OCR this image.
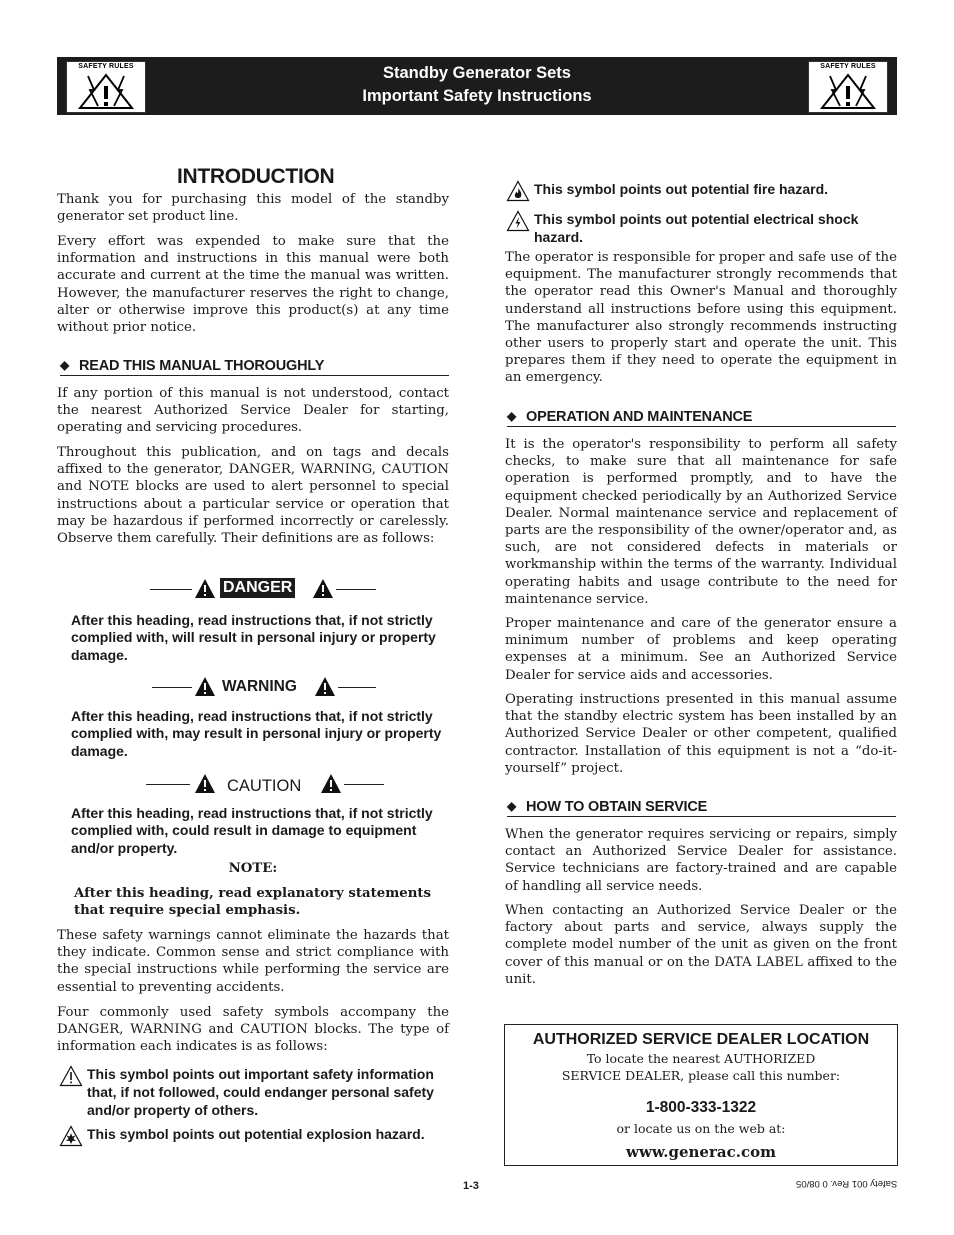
SAFETY RULES	Standby Generator Sets
Important Safety Instructions
SAFETY RULES
INTRODUCTION

Thank you for purchasing this model of the standby generator set product line.

Every effort was expended to make sure that the information and instructions in this manual were both accurate and current at the time the manual was written. However, the manufacturer reserves the right to change, alter or otherwise improve this product(s) at any time without prior notice.

◆ READ THIS MANUAL THOROUGHLY

If any portion of this manual is not understood, contact the nearest Authorized Service Dealer for starting, operating and servicing procedures.

Throughout this publication, and on tags and decals affixed to the generator, DANGER, WARNING, CAUTION and NOTE blocks are used to alert personnel to special instructions about a particular service or operation that may be hazardous if performed incorrectly or carelessly. Observe them carefully. Their definitions are as follows:

DANGER

After this heading, read instructions that, if not strictly complied with, will result in personal injury or property damage.

WARNING

After this heading, read instructions that, if not strictly complied with, may result in personal injury or property damage.

CAUTION

After this heading, read instructions that, if not strictly complied with, could result in damage to equipment and/or property.

NOTE:

After this heading, read explanatory statements that require special emphasis.

These safety warnings cannot eliminate the hazards that they indicate. Common sense and strict compliance with the special instructions while performing the service are essential to preventing accidents.

Four commonly used safety symbols accompany the DANGER, WARNING and CAUTION blocks. The type of information each indicates is as follows:

This symbol points out important safety information that, if not followed, could endanger personal safety and/or property of others.

This symbol points out potential explosion hazard.

This symbol points out potential fire hazard.

This symbol points out potential electrical shock hazard.

The operator is responsible for proper and safe use of the equipment. The manufacturer strongly recommends that the operator read this Owner's Manual and thoroughly understand all instructions before using this equipment. The manufacturer also strongly recommends instructing other users to properly start and operate the unit. This prepares them if they need to operate the equipment in an emergency.

◆ OPERATION AND MAINTENANCE

It is the operator's responsibility to perform all safety checks, to make sure that all maintenance for safe operation is performed promptly, and to have the equipment checked periodically by an Authorized Service Dealer. Normal maintenance service and replacement of parts are the responsibility of the owner/operator and, as such, are not considered defects in materials or workmanship within the terms of the warranty. Individual operating habits and usage contribute to the need for maintenance service.

Proper maintenance and care of the generator ensure a minimum number of problems and keep operating expenses at a minimum. See an Authorized Service Dealer for service aids and accessories.

Operating instructions presented in this manual assume that the standby electric system has been installed by an Authorized Service Dealer or other competent, qualified contractor. Installation of this equipment is not a “do-it-yourself” project.

◆ HOW TO OBTAIN SERVICE

When the generator requires servicing or repairs, simply contact an Authorized Service Dealer for assistance. Service technicians are factory-trained and are capable of handling all service needs.

When contacting an Authorized Service Dealer or the factory about parts and service, always supply the complete model number of the unit as given on the front cover of this manual or on the DATA LABEL affixed to the unit.

AUTHORIZED SERVICE DEALER LOCATION
To locate the nearest AUTHORIZED
SERVICE DEALER, please call this number:
1-800-333-1322
or locate us on the web at:
www.generac.com
1-3	Safety 001 Rev. 0 08/05
